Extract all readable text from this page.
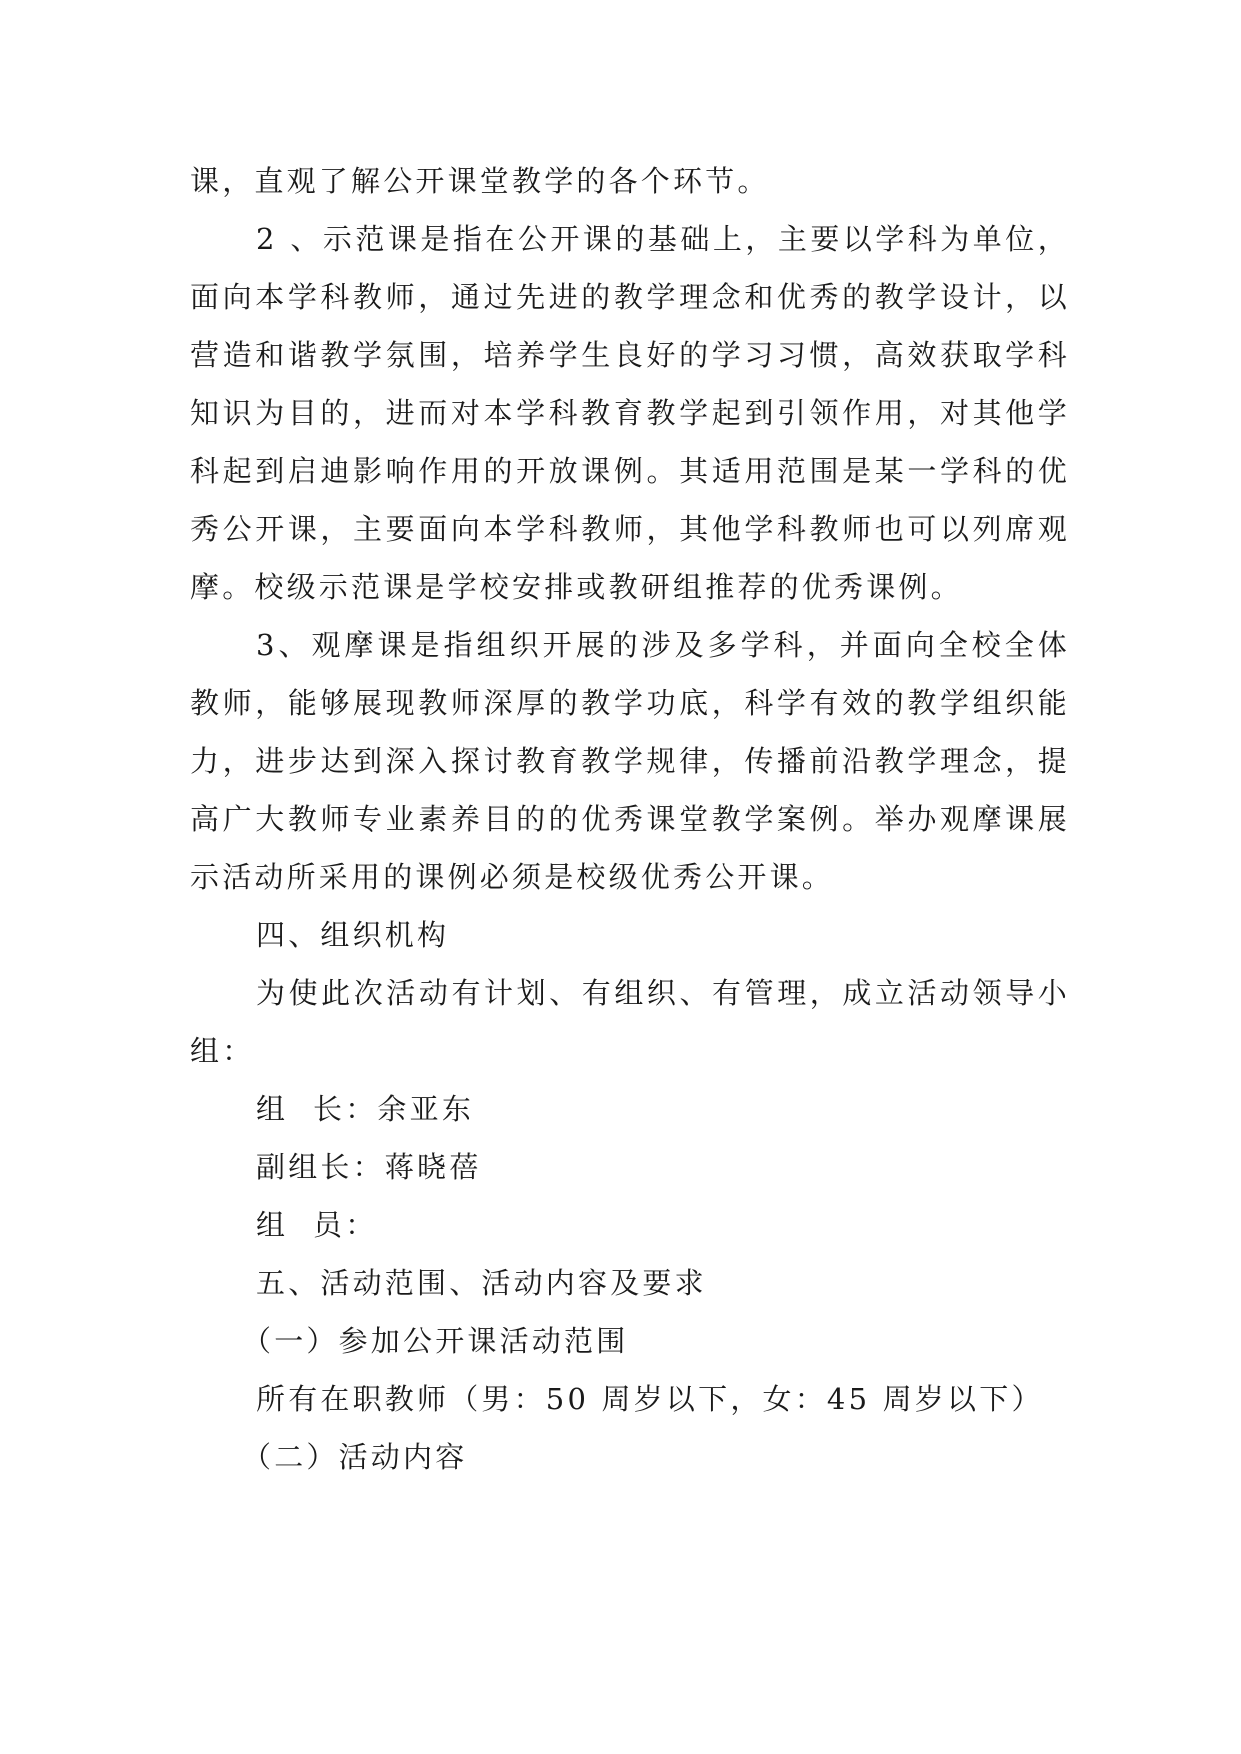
课，直观了解公开课堂教学的各个环节。

2 、示范课是指在公开课的基础上，主要以学科为单位，面向本学科教师，通过先进的教学理念和优秀的教学设计，以营造和谐教学氛围，培养学生良好的学习习惯，高效获取学科知识为目的，进而对本学科教育教学起到引领作用，对其他学科起到启迪影响作用的开放课例。其适用范围是某一学科的优秀公开课，主要面向本学科教师，其他学科教师也可以列席观摩。校级示范课是学校安排或教研组推荐的优秀课例。

3、观摩课是指组织开展的涉及多学科，并面向全校全体教师，能够展现教师深厚的教学功底，科学有效的教学组织能力，进步达到深入探讨教育教学规律，传播前沿教学理念，提高广大教师专业素养目的的优秀课堂教学案例。举办观摩课展示活动所采用的课例必须是校级优秀公开课。

四、组织机构

为使此次活动有计划、有组织、有管理，成立活动领导小组：

组  长：余亚东

副组长：蒋晓蓓

组  员：

五、活动范围、活动内容及要求

（一）参加公开课活动范围

所有在职教师（男：50 周岁以下，女：45 周岁以下）

（二）活动内容
